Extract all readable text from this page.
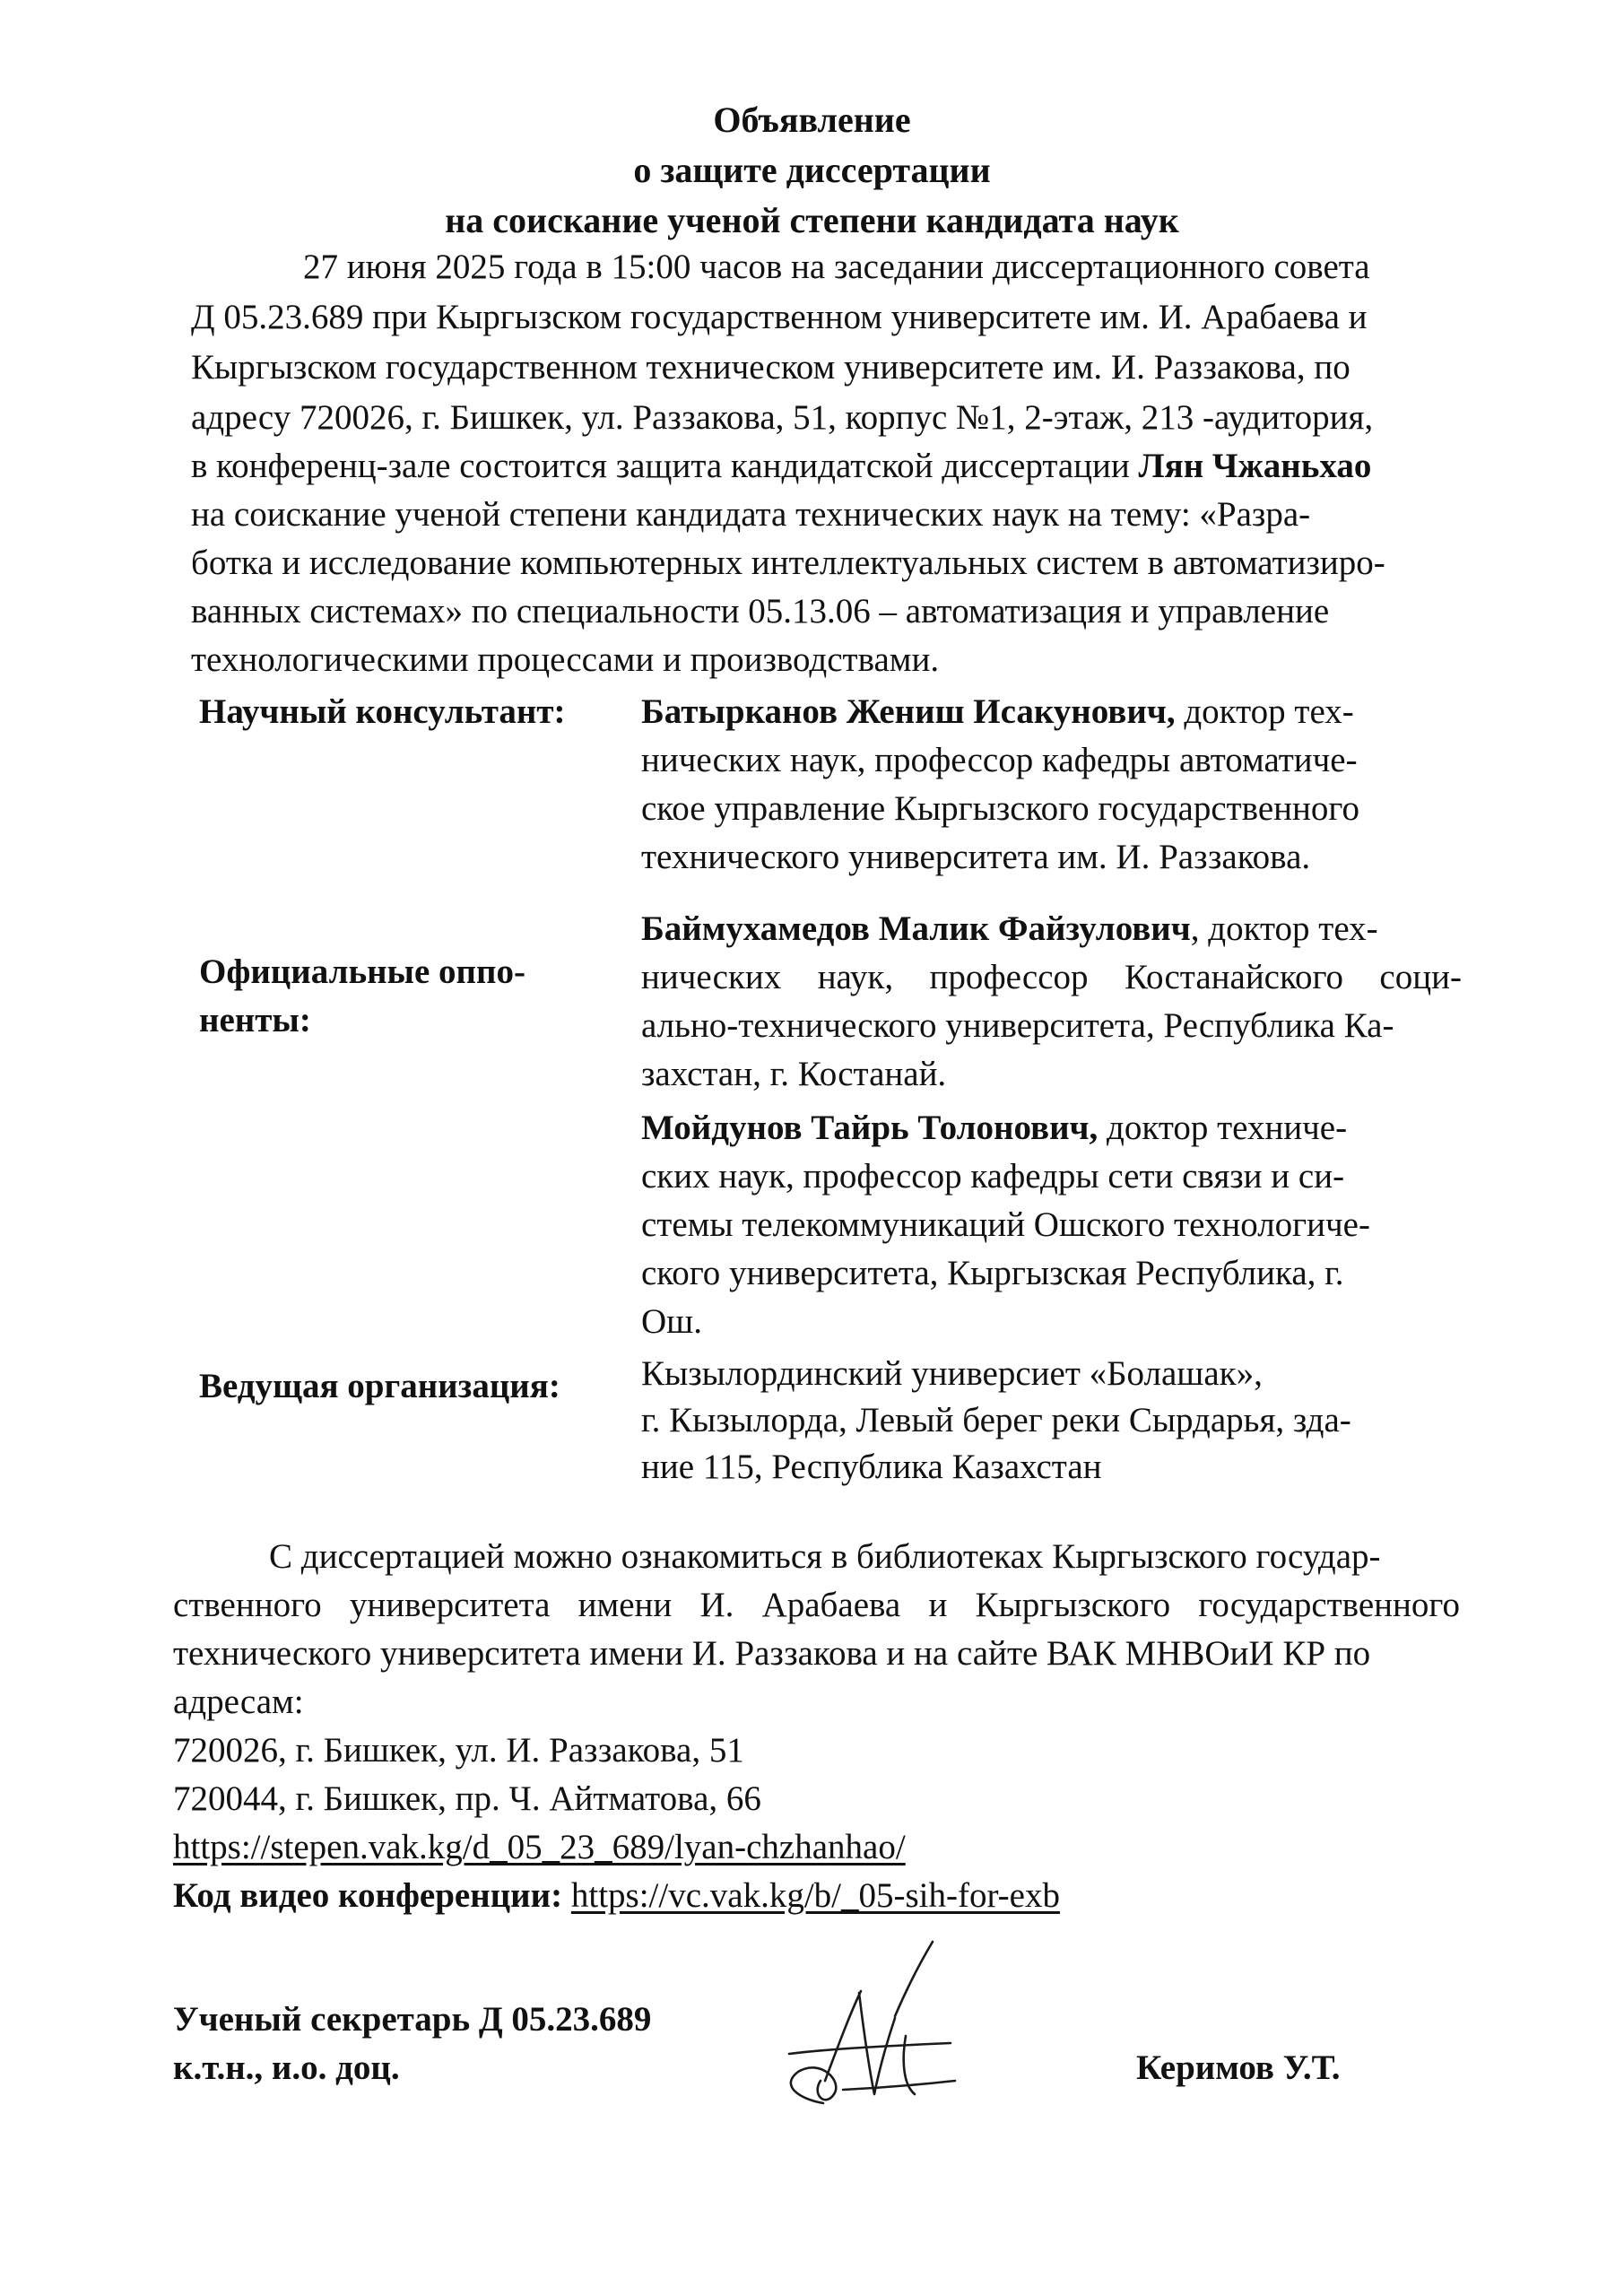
Объявление
о защите диссертации
на соискание ученой степени кандидата наук
27 июня 2025 года в 15:00 часов на заседании диссертационного совета
Д 05.23.689 при Кыргызском государственном университете им. И. Арабаева и
Кыргызском государственном техническом университете им. И. Раззакова, по
адресу 720026, г. Бишкек, ул. Раззакова, 51, корпус №1, 2-этаж, 213 -аудитория,
в конференц-зале состоится защита кандидатской диссертации Лян Чжаньхао
на соискание ученой степени кандидата технических наук на тему: «Разра-
ботка и исследование компьютерных интеллектуальных систем в автоматизиро-
ванных системах» по специальности 05.13.06 – автоматизация и управление
технологическими процессами и производствами.
Научный консультант: Батырканов Жениш Исакунович, доктор тех-
нических наук, профессор кафедры автоматиче-
ское управление Кыргызского государственного
технического университета им. И. Раззакова.
Официальные оппо-
ненты:
Баймухамедов Малик Файзулович, доктор тех-
нических наук, профессор Костанайского соци-
ально-технического университета, Республика Ка-
захстан, г. Костанай.
Мойдунов Тайрь Толонович, доктор техниче-
ских наук, профессор кафедры сети связи и си-
стемы телекоммуникаций Ошского технологиче-
ского университета, Кыргызская Республика, г.
Ош.
Ведущая организация: Кызылординский универсиет «Болашак»,
г. Кызылорда, Левый берег реки Сырдарья, зда-
ние 115, Республика Казахстан
С диссертацией можно ознакомиться в библиотеках Кыргызского государ-
ственного университета имени И. Арабаева и Кыргызского государственного
технического университета имени И. Раззакова и на сайте ВАК МНВОиИ КР по
адресам:
720026, г. Бишкек, ул. И. Раззакова, 51
720044, г. Бишкек, пр. Ч. Айтматова, 66
https://stepen.vak.kg/d_05_23_689/lyan-chzhanhao/
Код видео конференции: https://vc.vak.kg/b/_05-sih-for-exb
Ученый секретарь Д 05.23.689
к.т.н., и.о. доц.	Керимов У.Т.
